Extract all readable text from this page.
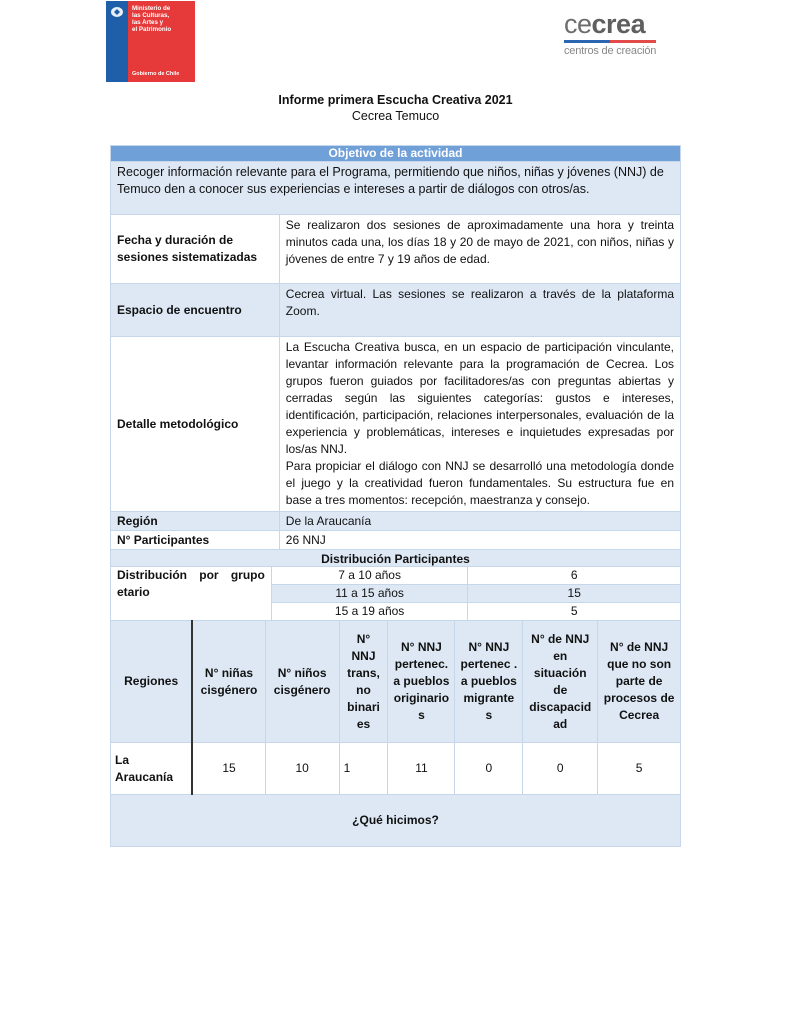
Ministerio de
las Culturas,
las Artes y
el Patrimonio
Gobierno de Chile
cecrea
centros de creación
Informe primera Escucha Creativa 2021
Cecrea Temuco
Objetivo de la actividad	
Recoger información relevante para el Programa, permitiendo que niños, niñas y jóvenes (NNJ) de Temuco den a conocer sus experiencias e intereses a partir de diálogos con otros/as.	
Fecha y duración de sesiones sistematizadas	Se realizaron dos sesiones de aproximadamente una hora y treinta minutos cada una, los días 18 y 20 de mayo de 2021, con niños, niñas y jóvenes de entre 7 y 19 años de edad.
Espacio de encuentro	Cecrea virtual. Las sesiones se realizaron a través de la plataforma Zoom.
Detalle metodológico	La Escucha Creativa busca, en un espacio de participación vinculante, levantar información relevante para la programación de Cecrea. Los grupos fueron guiados por facilitadores/as con preguntas abiertas y cerradas según las siguientes categorías: gustos e intereses, identificación, participación, relaciones interpersonales, evaluación de la experiencia y problemáticas, intereses e inquietudes expresadas por los/as NNJ.
Para propiciar el diálogo con NNJ se desarrolló una metodología donde el juego y la creatividad fueron fundamentales. Su estructura fue en base a tres momentos: recepción, maestranza y consejo.

Región	De la Araucanía
N° Participantes	26 NNJ
Distribución Participantes	
Distribución por grupo etario	7 a 10 años	6
	11 a 15 años	15
	15 a 19 años	5
Regiones	N° niñas cisgénero	N° niños cisgénero	N° NNJ trans, no binari es	N° NNJ pertenec. a pueblos originario s	N° NNJ pertenec . a pueblos migrante s	N° de NNJ en situación de discapacid ad	N° de NNJ que no son parte de procesos de Cecrea
La Araucanía	15	10	1	11	0	0	5
¿Qué hicimos?							
